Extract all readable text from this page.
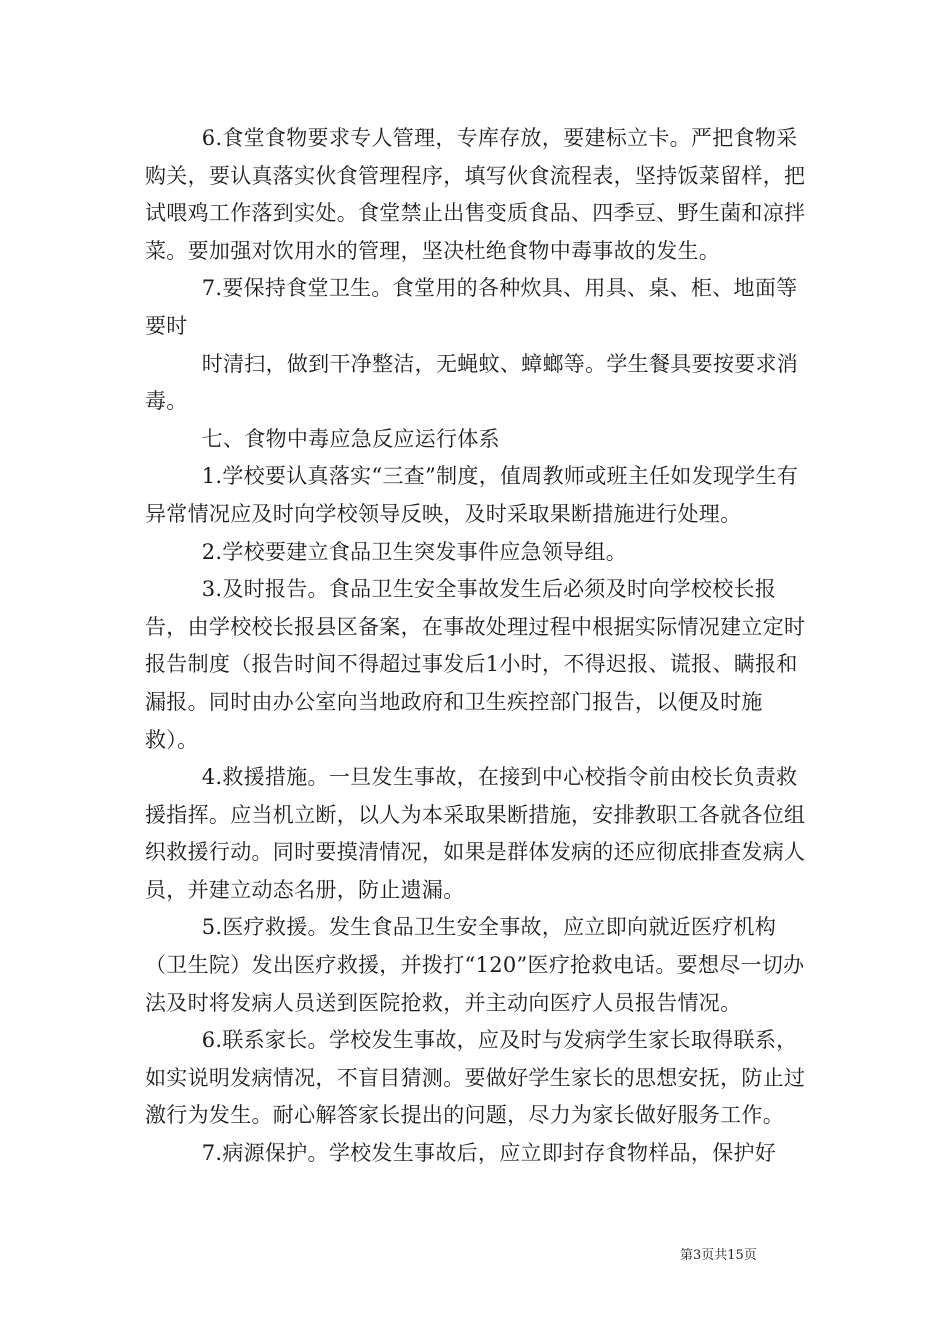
6.食堂食物要求专人管理，专库存放，要建标立卡。严把食物采购关，要认真落实伙食管理程序，填写伙食流程表，坚持饭菜留样，把试喂鸡工作落到实处。食堂禁止出售变质食品、四季豆、野生菌和凉拌菜。要加强对饮用水的管理，坚决杜绝食物中毒事故的发生。

7.要保持食堂卫生。食堂用的各种炊具、用具、桌、柜、地面等要时

时清扫，做到干净整洁，无蝇蚊、蟑螂等。学生餐具要按要求消毒。

七、食物中毒应急反应运行体系

1.学校要认真落实“三查”制度，值周教师或班主任如发现学生有异常情况应及时向学校领导反映，及时采取果断措施进行处理。

2.学校要建立食品卫生突发事件应急领导组。

3.及时报告。食品卫生安全事故发生后必须及时向学校校长报告，由学校校长报县区备案，在事故处理过程中根据实际情况建立定时报告制度（报告时间不得超过事发后1小时，不得迟报、谎报、瞒报和漏报。同时由办公室向当地政府和卫生疾控部门报告，以便及时施救）。

4.救援措施。一旦发生事故，在接到中心校指令前由校长负责救援指挥。应当机立断，以人为本采取果断措施，安排教职工各就各位组织救援行动。同时要摸清情况，如果是群体发病的还应彻底排查发病人员，并建立动态名册，防止遗漏。

5.医疗救援。发生食品卫生安全事故，应立即向就近医疗机构（卫生院）发出医疗救援，并拨打“120”医疗抢救电话。要想尽一切办法及时将发病人员送到医院抢救，并主动向医疗人员报告情况。

6.联系家长。学校发生事故，应及时与发病学生家长取得联系，如实说明发病情况，不盲目猜测。要做好学生家长的思想安抚，防止过激行为发生。耐心解答家长提出的问题，尽力为家长做好服务工作。

7.病源保护。学校发生事故后，应立即封存食物样品，保护好

第3页共15页
